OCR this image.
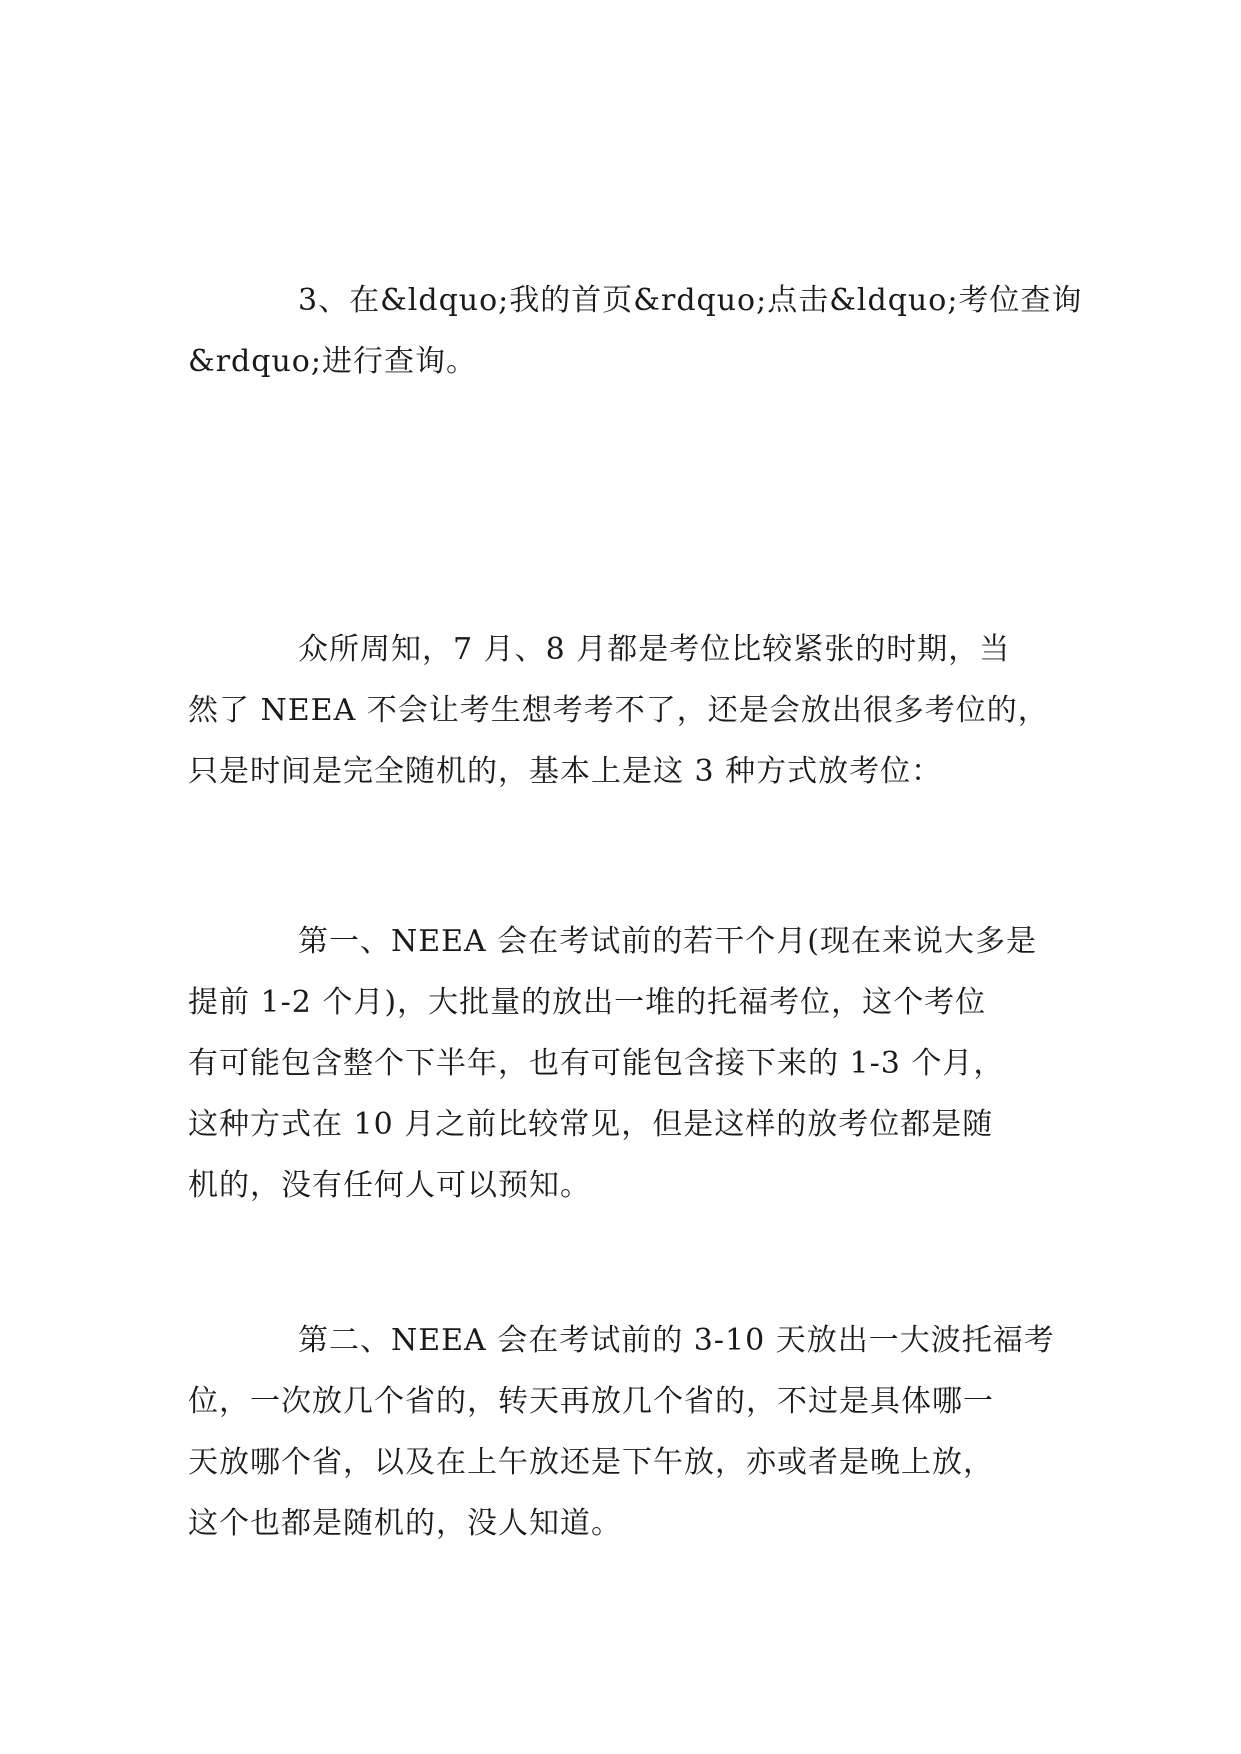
3、在&ldquo;我的首页&rdquo;点击&ldquo;考位查询
&rdquo;进行查询。

众所周知，7 月、8 月都是考位比较紧张的时期，当
然了 NEEA 不会让考生想考考不了，还是会放出很多考位的，
只是时间是完全随机的，基本上是这 3 种方式放考位：

第一、NEEA 会在考试前的若干个月(现在来说大多是
提前 1-2 个月)，大批量的放出一堆的托福考位，这个考位
有可能包含整个下半年，也有可能包含接下来的 1-3 个月，
这种方式在 10 月之前比较常见，但是这样的放考位都是随
机的，没有任何人可以预知。

第二、NEEA 会在考试前的 3-10 天放出一大波托福考
位，一次放几个省的，转天再放几个省的，不过是具体哪一
天放哪个省，以及在上午放还是下午放，亦或者是晚上放，
这个也都是随机的，没人知道。
